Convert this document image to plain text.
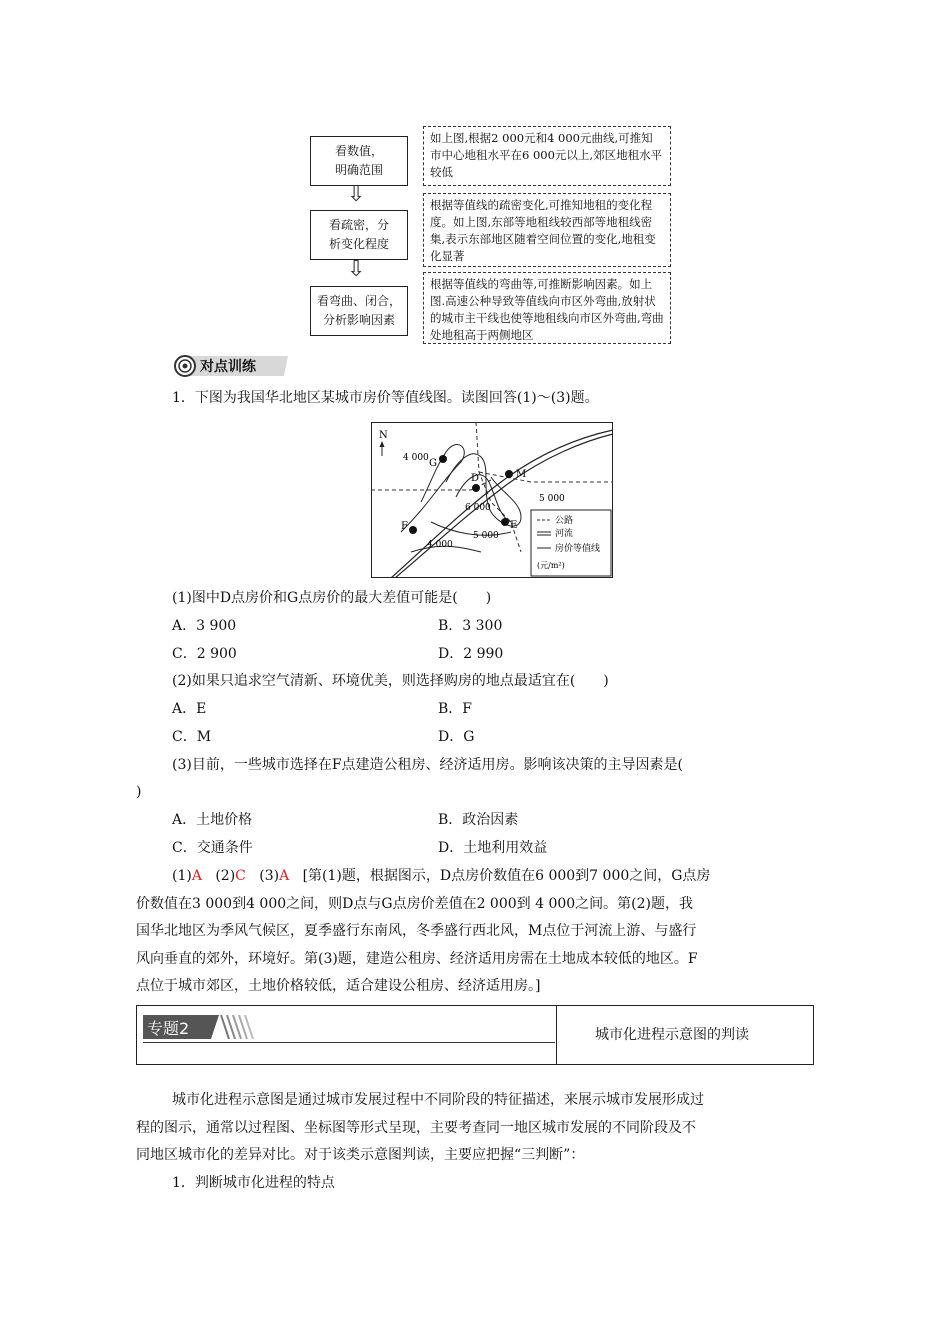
看数值，
明确范围
如上图,根据2 000元和4 000元曲线,可推知市中心地租水平在6 000元以上,郊区地租水平较低
⇩
看疏密，分
析变化程度
根据等值线的疏密变化,可推知地租的变化程度。如上图,东部等地租线较西部等地租线密集,表示东部地区随着空间位置的变化,地租变化显著
⇩
看弯曲、闭合，
分析影响因素
根据等值线的弯曲等,可推断影响因素。如上图.高速公种导致等值线向市区外弯曲,放射状的城市主干线也使等地租线向市区外弯曲,弯曲处地租高于两侧地区
对点训练
1．下图为我国华北地区某城市房价等值线图。读图回答(1)～(3)题。
N
G
D	M
F	E
4 000
6 000
5 000
5 000
4 000
公路
河流
房价等值线
(元/m²)
(1)图中D点房价和G点房价的最大差值可能是(　　)
A．3 900	B．3 300
C．2 900	D．2 990
(2)如果只追求空气清新、环境优美，则选择购房的地点最适宜在(　　)
A．E	B．F
C．M	D．G
(3)目前，一些城市选择在F点建造公租房、经济适用房。影响该决策的主导因素是(
)
A．土地价格	B．政治因素
C．交通条件	D．土地利用效益
(1)A (2)C (3)A [第(1)题，根据图示，D点房价数值在6 000到7 000之间，G点房
价数值在3 000到4 000之间，则D点与G点房价差值在2 000到 4 000之间。第(2)题，我
国华北地区为季风气候区，夏季盛行东南风，冬季盛行西北风，M点位于河流上游、与盛行
风向垂直的郊外，环境好。第(3)题，建造公租房、经济适用房需在土地成本较低的地区。F
点位于城市郊区，土地价格较低，适合建设公租房、经济适用房。]
专题2	城市化进程示意图的判读
城市化进程示意图是通过城市发展过程中不同阶段的特征描述，来展示城市发展形成过
程的图示，通常以过程图、坐标图等形式呈现，主要考查同一地区城市发展的不同阶段及不
同地区城市化的差异对比。对于该类示意图判读，主要应把握“三判断”：
1．判断城市化进程的特点
